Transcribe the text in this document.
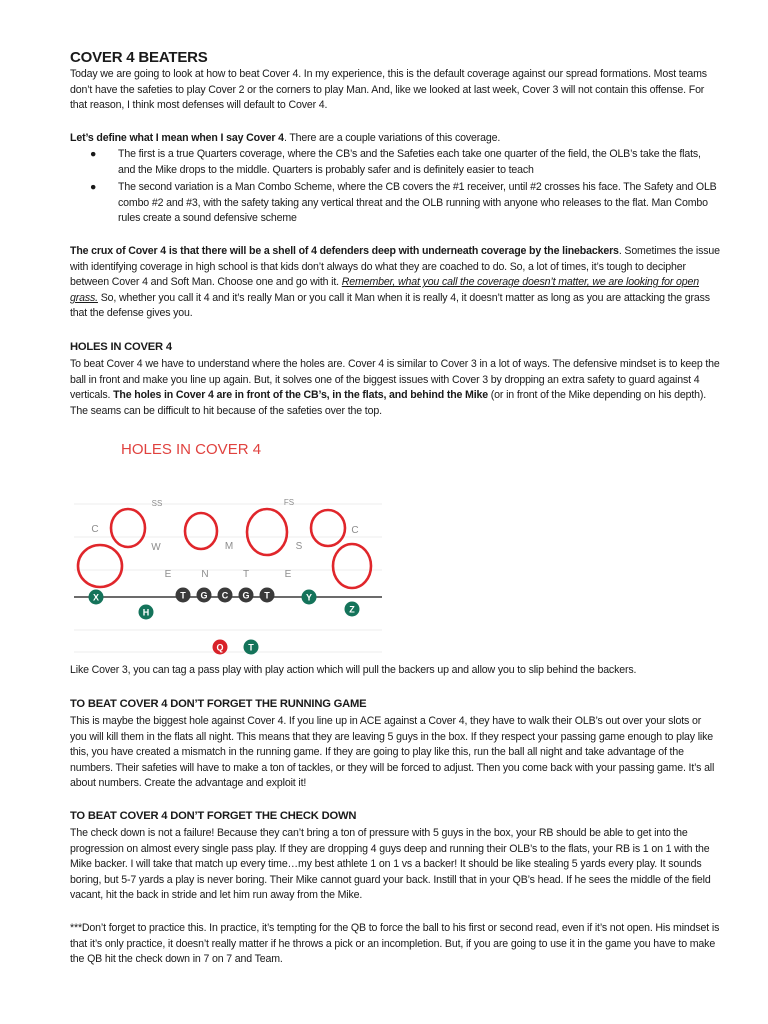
COVER 4 BEATERS

Today we are going to look at how to beat Cover 4. In my experience, this is the default coverage against our spread formations. Most teams don’t have the safeties to play Cover 2 or the corners to play Man. And, like we looked at last week, Cover 3 will not contain this offense. For that reason, I think most defenses will default to Cover 4.

Let’s define what I mean when I say Cover 4. There are a couple variations of this coverage.

● The first is a true Quarters coverage, where the CB’s and the Safeties each take one quarter of the field, the OLB’s take the flats, and the Mike drops to the middle. Quarters is probably safer and is definitely easier to teach
● The second variation is a Man Combo Scheme, where the CB covers the #1 receiver, until #2 crosses his face. The Safety and OLB combo #2 and #3, with the safety taking any vertical threat and the OLB running with anyone who releases to the flat. Man Combo rules create a sound defensive scheme

The crux of Cover 4 is that there will be a shell of 4 defenders deep with underneath coverage by the linebackers. Sometimes the issue with identifying coverage in high school is that kids don’t always do what they are coached to do. So, a lot of times, it’s tough to decipher between Cover 4 and Soft Man. Choose one and go with it. Remember, what you call the coverage doesn’t matter, we are looking for open grass. So, whether you call it 4 and it’s really Man or you call it Man when it is really 4, it doesn’t matter as long as you are attacking the grass that the defense gives you.

HOLES IN COVER 4

To beat Cover 4 we have to understand where the holes are. Cover 4 is similar to Cover 3 in a lot of ways. The defensive mindset is to keep the ball in front and make you line up again. But, it solves one of the biggest issues with Cover 3 by dropping an extra safety to guard against 4 verticals. The holes in Cover 4 are in front of the CB’s, in the flats, and behind the Mike (or in front of the Mike depending on his depth). The seams can be difficult to hit because of the safeties over the top.

HOLES IN COVER 4
SS	FS
C	C
W	M	S
E	N	T	E
T G C G T
X
H
Y
Z
T
Q
Like Cover 3, you can tag a pass play with play action which will pull the backers up and allow you to slip behind the backers.
TO BEAT COVER 4 DON’T FORGET THE RUNNING GAME

This is maybe the biggest hole against Cover 4. If you line up in ACE against a Cover 4, they have to walk their OLB’s out over your slots or you will kill them in the flats all night. This means that they are leaving 5 guys in the box. If they respect your passing game enough to play like this, you have created a mismatch in the running game. If they are going to play like this, run the ball all night and take advantage of the numbers. Their safeties will have to make a ton of tackles, or they will be forced to adjust. Then you come back with your passing game. It’s all about numbers. Create the advantage and exploit it!

TO BEAT COVER 4 DON’T FORGET THE CHECK DOWN

The check down is not a failure! Because they can’t bring a ton of pressure with 5 guys in the box, your RB should be able to get into the progression on almost every single pass play. If they are dropping 4 guys deep and running their OLB’s to the flats, your RB is 1 on 1 with the Mike backer. I will take that match up every time…my best athlete 1 on 1 vs a backer! It should be like stealing 5 yards every play. It sounds boring, but 5-7 yards a play is never boring. Their Mike cannot guard your back. Instill that in your QB’s head. If he sees the middle of the field vacant, hit the back in stride and let him run away from the Mike.

***Don’t forget to practice this. In practice, it’s tempting for the QB to force the ball to his first or second read, even if it’s not open. His mindset is that it’s only practice, it doesn’t really matter if he throws a pick or an incompletion. But, if you are going to use it in the game you have to make the QB hit the check down in 7 on 7 and Team.
